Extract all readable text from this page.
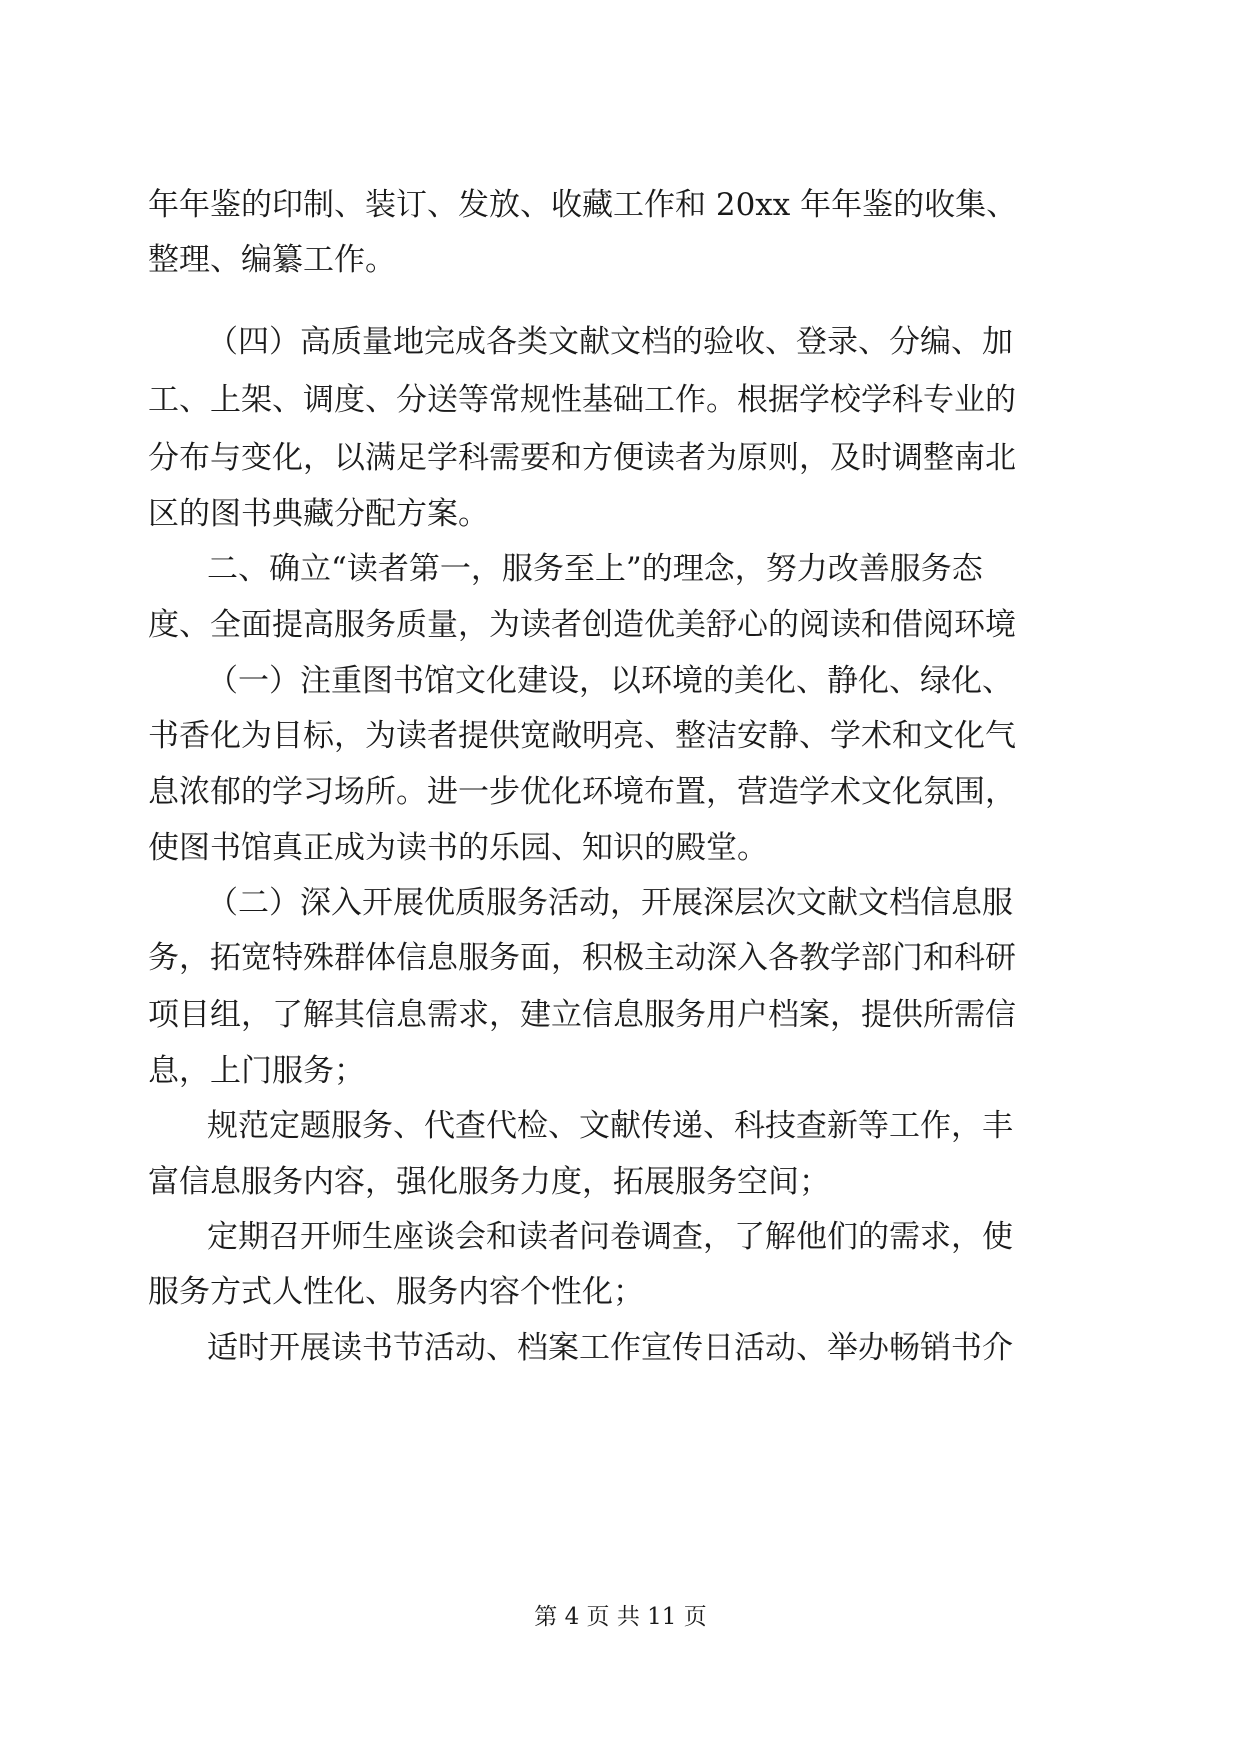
年年鉴的印制、装订、发放、收藏工作和 20xx 年年鉴的收集、
整理、编纂工作。
（四）高质量地完成各类文献文档的验收、登录、分编、加
工、上架、调度、分送等常规性基础工作。根据学校学科专业的
分布与变化，以满足学科需要和方便读者为原则，及时调整南北
区的图书典藏分配方案。
二、确立“读者第一，服务至上”的理念，努力改善服务态
度、全面提高服务质量，为读者创造优美舒心的阅读和借阅环境
（一）注重图书馆文化建设，以环境的美化、静化、绿化、
书香化为目标，为读者提供宽敞明亮、整洁安静、学术和文化气
息浓郁的学习场所。进一步优化环境布置，营造学术文化氛围，
使图书馆真正成为读书的乐园、知识的殿堂。
（二）深入开展优质服务活动，开展深层次文献文档信息服
务，拓宽特殊群体信息服务面，积极主动深入各教学部门和科研
项目组，了解其信息需求，建立信息服务用户档案，提供所需信
息，上门服务；
规范定题服务、代查代检、文献传递、科技查新等工作，丰
富信息服务内容，强化服务力度，拓展服务空间；
定期召开师生座谈会和读者问卷调查，了解他们的需求，使
服务方式人性化、服务内容个性化；
适时开展读书节活动、档案工作宣传日活动、举办畅销书介
第 4 页 共 11 页
